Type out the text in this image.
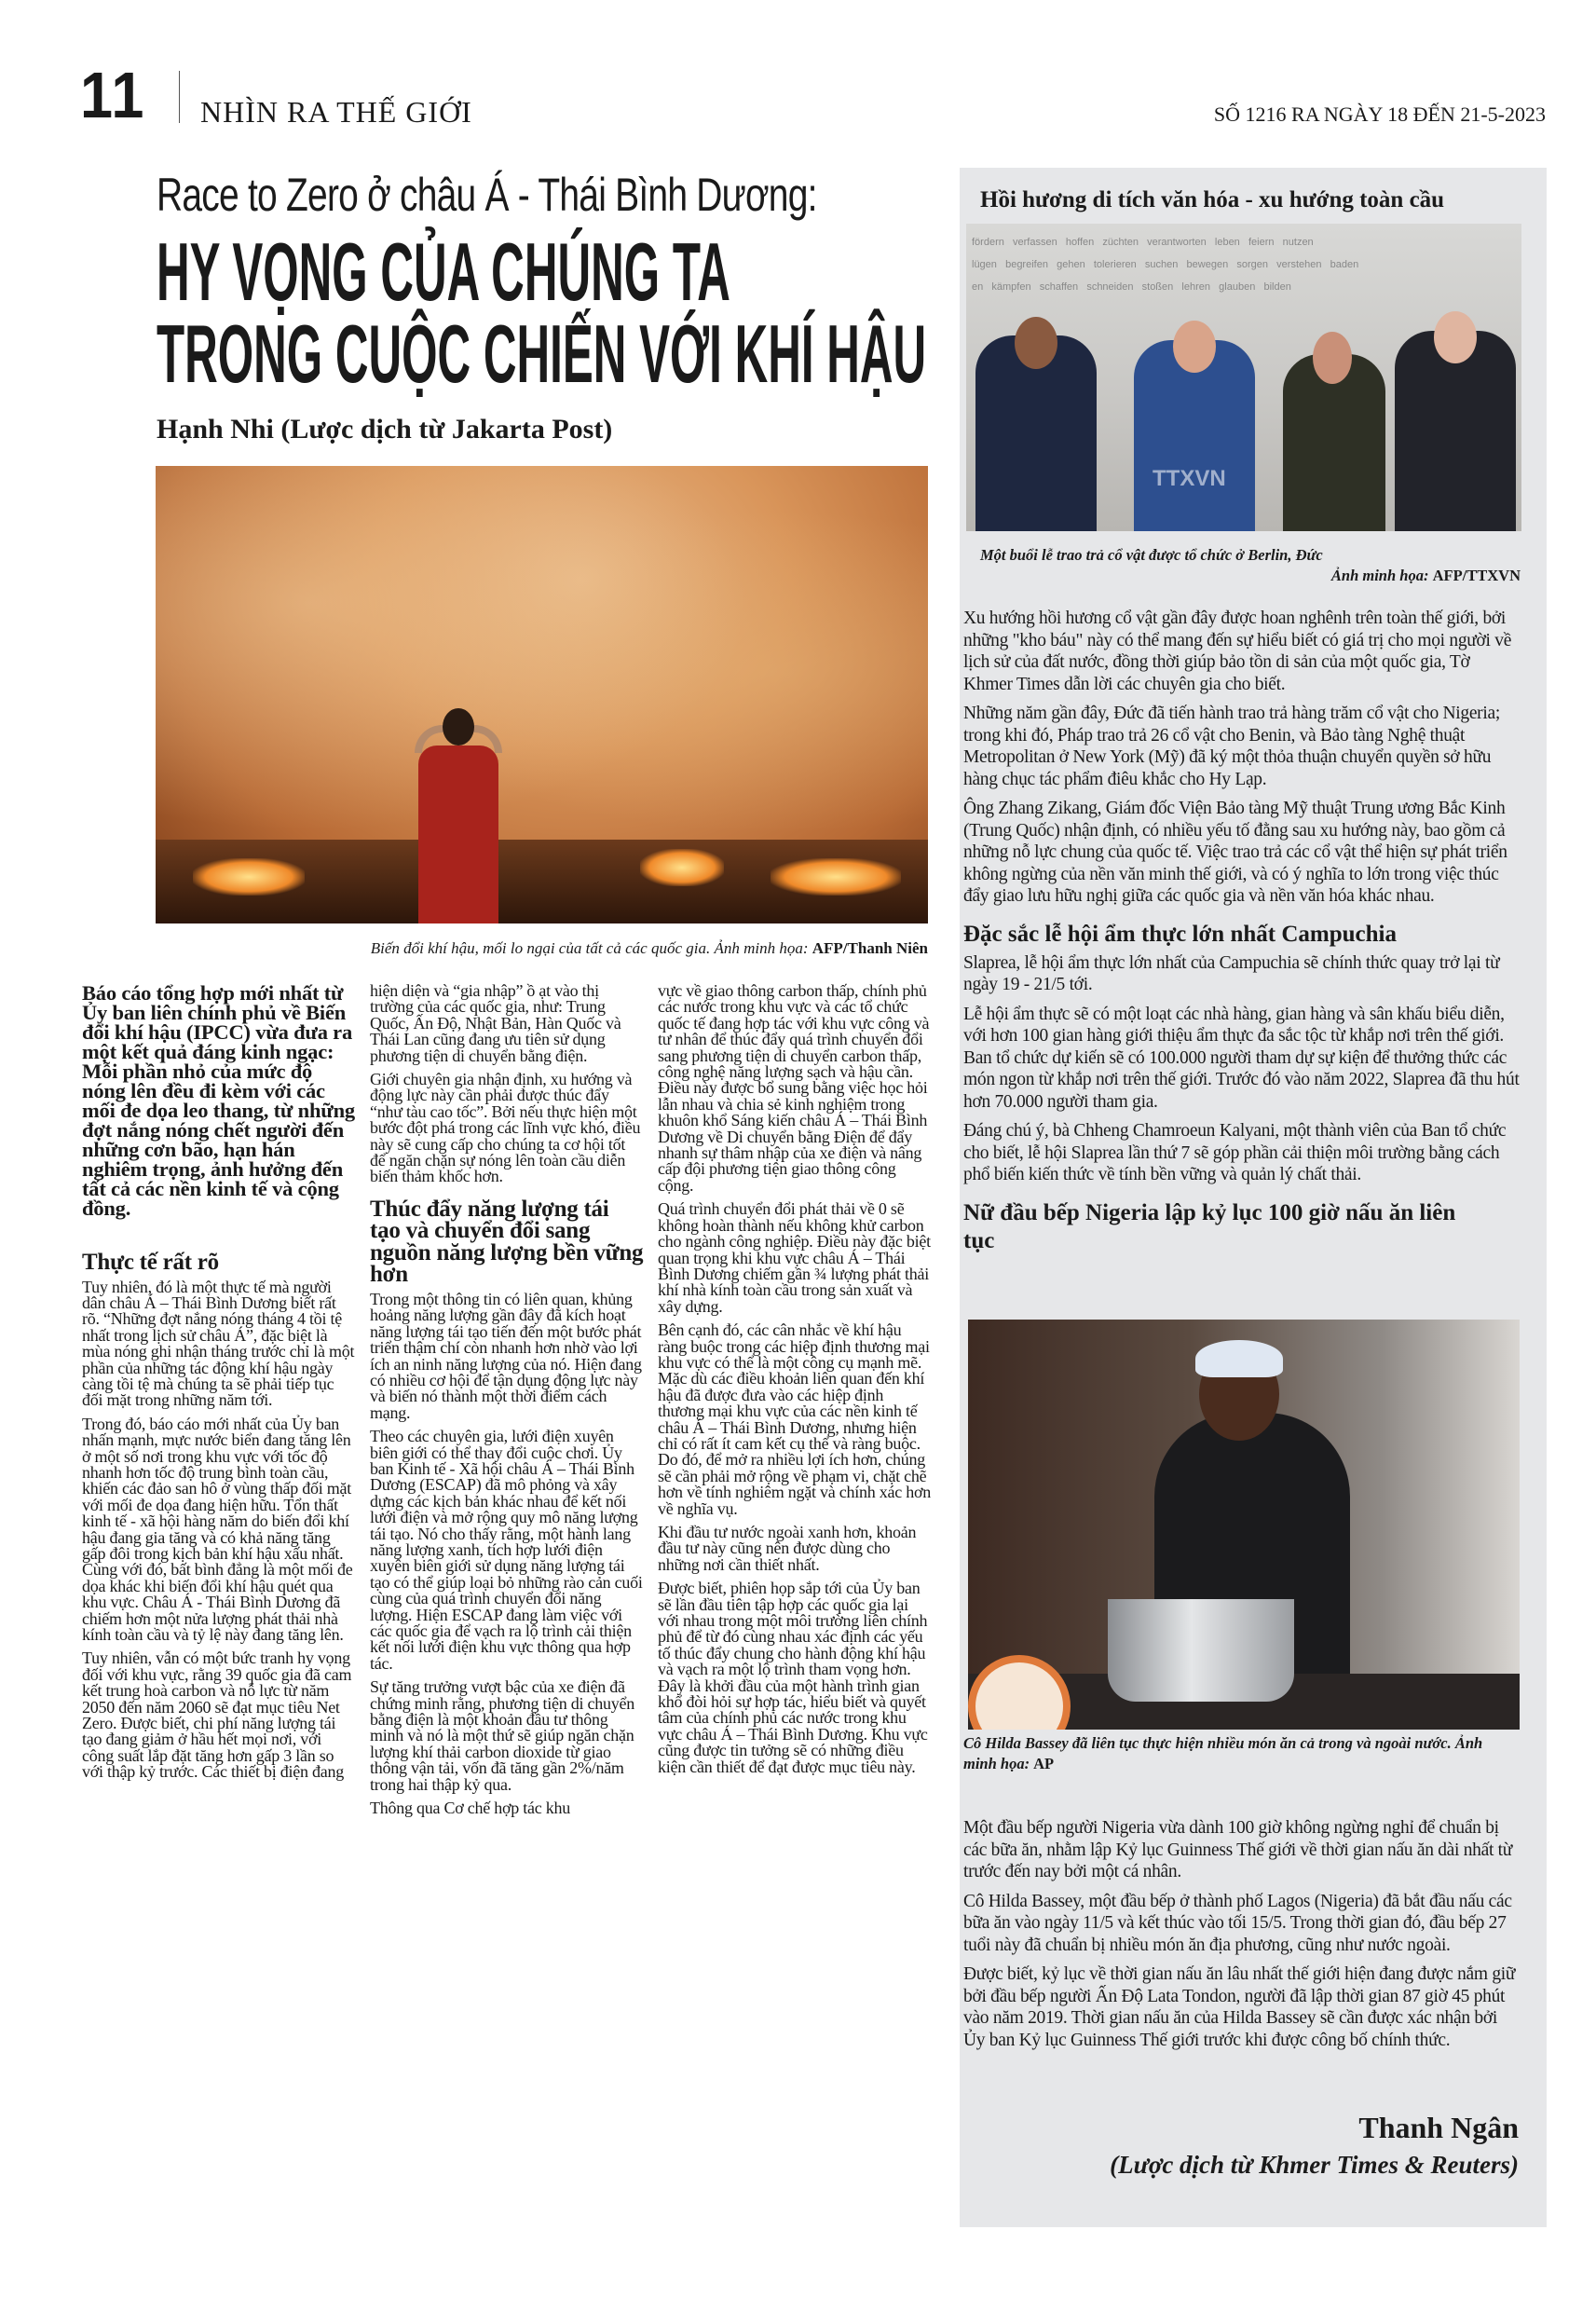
11 NHÌN RA THẾ GIỚI	SỐ 1216 RA NGÀY 18 ĐẾN 21-5-2023
Race to Zero ở châu Á - Thái Bình Dương:
HY VỌNG CỦA CHÚNG TA
TRONG CUỘC CHIẾN VỚI KHÍ HẬU
Hạnh Nhi (Lược dịch từ Jakarta Post)
Biến đổi khí hậu, mối lo ngại của tất cả các quốc gia. Ảnh minh họa: AFP/Thanh Niên

Báo cáo tổng hợp mới nhất từ Ủy ban liên chính phủ về Biến đổi khí hậu (IPCC) vừa đưa ra một kết quả đáng kinh ngạc: Mỗi phần nhỏ của mức độ nóng lên đều đi kèm với các mối đe dọa leo thang, từ những đợt nắng nóng chết người đến những cơn bão, hạn hán nghiêm trọng, ảnh hưởng đến tất cả các nền kinh tế và cộng đồng.

Thực tế rất rõ

Tuy nhiên, đó là một thực tế mà người dân châu Á – Thái Bình Dương biết rất rõ. “Những đợt nắng nóng tháng 4 tồi tệ nhất trong lịch sử châu Á”, đặc biệt là mùa nóng ghi nhận tháng trước chỉ là một phần của những tác động khí hậu ngày càng tồi tệ mà chúng ta sẽ phải tiếp tục đối mặt trong những năm tới.

Trong đó, báo cáo mới nhất của Ủy ban nhấn mạnh, mực nước biển đang tăng lên ở một số nơi trong khu vực với tốc độ nhanh hơn tốc độ trung bình toàn cầu, khiến các đảo san hô ở vùng thấp đối mặt với mối đe dọa đang hiện hữu. Tổn thất kinh tế - xã hội hàng năm do biến đổi khí hậu đang gia tăng và có khả năng tăng gấp đôi trong kịch bản khí hậu xấu nhất. Cùng với đó, bất bình đẳng là một mối đe dọa khác khi biến đổi khí hậu quét qua khu vực. Châu Á - Thái Bình Dương đã chiếm hơn một nửa lượng phát thải nhà kính toàn cầu và tỷ lệ này đang tăng lên.

Tuy nhiên, vẫn có một bức tranh hy vọng đối với khu vực, rằng 39 quốc gia đã cam kết trung hoà carbon và nỗ lực từ năm 2050 đến năm 2060 sẽ đạt mục tiêu Net Zero. Được biết, chi phí năng lượng tái tạo đang giảm ở hầu hết mọi nơi, với công suất lắp đặt tăng hơn gấp 3 lần so với thập kỷ trước. Các thiết bị điện đang

hiện diện và “gia nhập” ồ ạt vào thị trường của các quốc gia, như: Trung Quốc, Ấn Độ, Nhật Bản, Hàn Quốc và Thái Lan cũng đang ưu tiên sử dụng phương tiện di chuyển bằng điện.

Giới chuyên gia nhận định, xu hướng và động lực này cần phải được thúc đẩy “như tàu cao tốc”. Bởi nếu thực hiện một bước đột phá trong các lĩnh vực khó, điều này sẽ cung cấp cho chúng ta cơ hội tốt để ngăn chặn sự nóng lên toàn cầu diễn biến thảm khốc hơn.

Thúc đẩy năng lượng tái tạo và chuyển đổi sang nguồn năng lượng bền vững hơn

Trong một thông tin có liên quan, khủng hoảng năng lượng gần đây đã kích hoạt năng lượng tái tạo tiến đến một bước phát triển thậm chí còn nhanh hơn nhờ vào lợi ích an ninh năng lượng của nó. Hiện đang có nhiều cơ hội để tận dụng động lực này và biến nó thành một thời điểm cách mạng.

Theo các chuyên gia, lưới điện xuyên biên giới có thể thay đổi cuộc chơi. Ủy ban Kinh tế - Xã hội châu Á – Thái Bình Dương (ESCAP) đã mô phỏng và xây dựng các kịch bản khác nhau để kết nối lưới điện và mở rộng quy mô năng lượng tái tạo. Nó cho thấy rằng, một hành lang năng lượng xanh, tích hợp lưới điện xuyên biên giới sử dụng năng lượng tái tạo có thể giúp loại bỏ những rào cản cuối cùng của quá trình chuyển đổi năng lượng. Hiện ESCAP đang làm việc với các quốc gia để vạch ra lộ trình cải thiện kết nối lưới điện khu vực thông qua hợp tác.

Sự tăng trưởng vượt bậc của xe điện đã chứng minh rằng, phương tiện di chuyển bằng điện là một khoản đầu tư thông minh và nó là một thứ sẽ giúp ngăn chặn lượng khí thải carbon dioxide từ giao thông vận tải, vốn đã tăng gần 2%/năm trong hai thập kỷ qua.

Thông qua Cơ chế hợp tác khu

vực về giao thông carbon thấp, chính phủ các nước trong khu vực và các tổ chức quốc tế đang hợp tác với khu vực công và tư nhân để thúc đẩy quá trình chuyển đổi sang phương tiện di chuyển carbon thấp, công nghệ năng lượng sạch và hậu cần. Điều này được bổ sung bằng việc học hỏi lẫn nhau và chia sẻ kinh nghiệm trong khuôn khổ Sáng kiến châu Á – Thái Bình Dương về Di chuyển bằng Điện để đẩy nhanh sự thâm nhập của xe điện và nâng cấp đội phương tiện giao thông công cộng.

Quá trình chuyển đổi phát thải về 0 sẽ không hoàn thành nếu không khử carbon cho ngành công nghiệp. Điều này đặc biệt quan trọng khi khu vực châu Á – Thái Bình Dương chiếm gần ¾ lượng phát thải khí nhà kính toàn cầu trong sản xuất và xây dựng.

Bên cạnh đó, các cân nhắc về khí hậu ràng buộc trong các hiệp định thương mại khu vực có thể là một công cụ mạnh mẽ. Mặc dù các điều khoản liên quan đến khí hậu đã được đưa vào các hiệp định thương mại khu vực của các nền kinh tế châu Á – Thái Bình Dương, nhưng hiện chỉ có rất ít cam kết cụ thể và ràng buộc. Do đó, để mở ra nhiều lợi ích hơn, chúng sẽ cần phải mở rộng về phạm vi, chặt chẽ hơn về tính nghiêm ngặt và chính xác hơn về nghĩa vụ.

Khi đầu tư nước ngoài xanh hơn, khoản đầu tư này cũng nên được dùng cho những nơi cần thiết nhất.

Được biết, phiên họp sắp tới của Ủy ban sẽ lần đầu tiên tập hợp các quốc gia lại với nhau trong một môi trường liên chính phủ để từ đó cùng nhau xác định các yếu tố thúc đẩy chung cho hành động khí hậu và vạch ra một lộ trình tham vọng hơn. Đây là khởi đầu của một hành trình gian khổ đòi hỏi sự hợp tác, hiểu biết và quyết tâm của chính phủ các nước trong khu vực châu Á – Thái Bình Dương. Khu vực cũng được tin tưởng sẽ có những điều kiện cần thiết để đạt được mục tiêu này.

Hồi hương di tích văn hóa - xu hướng toàn cầu
Một buổi lễ trao trả cổ vật được tổ chức ở Berlin, Đức
Ảnh minh họa: AFP/TTXVN

Xu hướng hồi hương cổ vật gần đây được hoan nghênh trên toàn thế giới, bởi những "kho báu" này có thể mang đến sự hiểu biết có giá trị cho mọi người về lịch sử của đất nước, đồng thời giúp bảo tồn di sản của một quốc gia, Tờ Khmer Times dẫn lời các chuyên gia cho biết.

Những năm gần đây, Đức đã tiến hành trao trả hàng trăm cổ vật cho Nigeria; trong khi đó, Pháp trao trả 26 cổ vật cho Benin, và Bảo tàng Nghệ thuật Metropolitan ở New York (Mỹ) đã ký một thỏa thuận chuyển quyền sở hữu hàng chục tác phẩm điêu khắc cho Hy Lạp.

Ông Zhang Zikang, Giám đốc Viện Bảo tàng Mỹ thuật Trung ương Bắc Kinh (Trung Quốc) nhận định, có nhiều yếu tố đằng sau xu hướng này, bao gồm cả những nỗ lực chung của quốc tế. Việc trao trả các cổ vật thể hiện sự phát triển không ngừng của nền văn minh thế giới, và có ý nghĩa to lớn trong việc thúc đẩy giao lưu hữu nghị giữa các quốc gia và nền văn hóa khác nhau.

Đặc sắc lễ hội ẩm thực lớn nhất Campuchia

Slaprea, lễ hội ẩm thực lớn nhất của Campuchia sẽ chính thức quay trở lại từ ngày 19 - 21/5 tới.

Lễ hội ẩm thực sẽ có một loạt các nhà hàng, gian hàng và sân khấu biểu diễn, với hơn 100 gian hàng giới thiệu ẩm thực đa sắc tộc từ khắp nơi trên thế giới. Ban tổ chức dự kiến sẽ có 100.000 người tham dự sự kiện để thưởng thức các món ngon từ khắp nơi trên thế giới. Trước đó vào năm 2022, Slaprea đã thu hút hơn 70.000 người tham gia.

Đáng chú ý, bà Chheng Chamroeun Kalyani, một thành viên của Ban tổ chức cho biết, lễ hội Slaprea lần thứ 7 sẽ góp phần cải thiện môi trường bằng cách phổ biến kiến thức về tính bền vững và quản lý chất thải.

Nữ đầu bếp Nigeria lập kỷ lục 100 giờ nấu ăn liên tục
Cô Hilda Bassey đã liên tục thực hiện nhiều món ăn cả trong và ngoài nước. Ảnh minh họa: AP

Một đầu bếp người Nigeria vừa dành 100 giờ không ngừng nghỉ để chuẩn bị các bữa ăn, nhằm lập Kỷ lục Guinness Thế giới về thời gian nấu ăn dài nhất từ trước đến nay bởi một cá nhân.

Cô Hilda Bassey, một đầu bếp ở thành phố Lagos (Nigeria) đã bắt đầu nấu các bữa ăn vào ngày 11/5 và kết thúc vào tối 15/5. Trong thời gian đó, đầu bếp 27 tuổi này đã chuẩn bị nhiều món ăn địa phương, cũng như nước ngoài.

Được biết, kỷ lục về thời gian nấu ăn lâu nhất thế giới hiện đang được nắm giữ bởi đầu bếp người Ấn Độ Lata Tondon, người đã lập thời gian 87 giờ 45 phút vào năm 2019. Thời gian nấu ăn của Hilda Bassey sẽ cần được xác nhận bởi Ủy ban Kỷ lục Guinness Thế giới trước khi được công bố chính thức.

Thanh Ngân
(Lược dịch từ Khmer Times & Reuters)
fördern   verfassen   hoffen   züchten   verantworten   leben   feiern   nutzen
lügen   begreifen   gehen   tolerieren   suchen   bewegen   sorgen   verstehen   baden
en   kämpfen   schaffen   schneiden   stoßen   lehren   glauben   bilden
TTXVN
